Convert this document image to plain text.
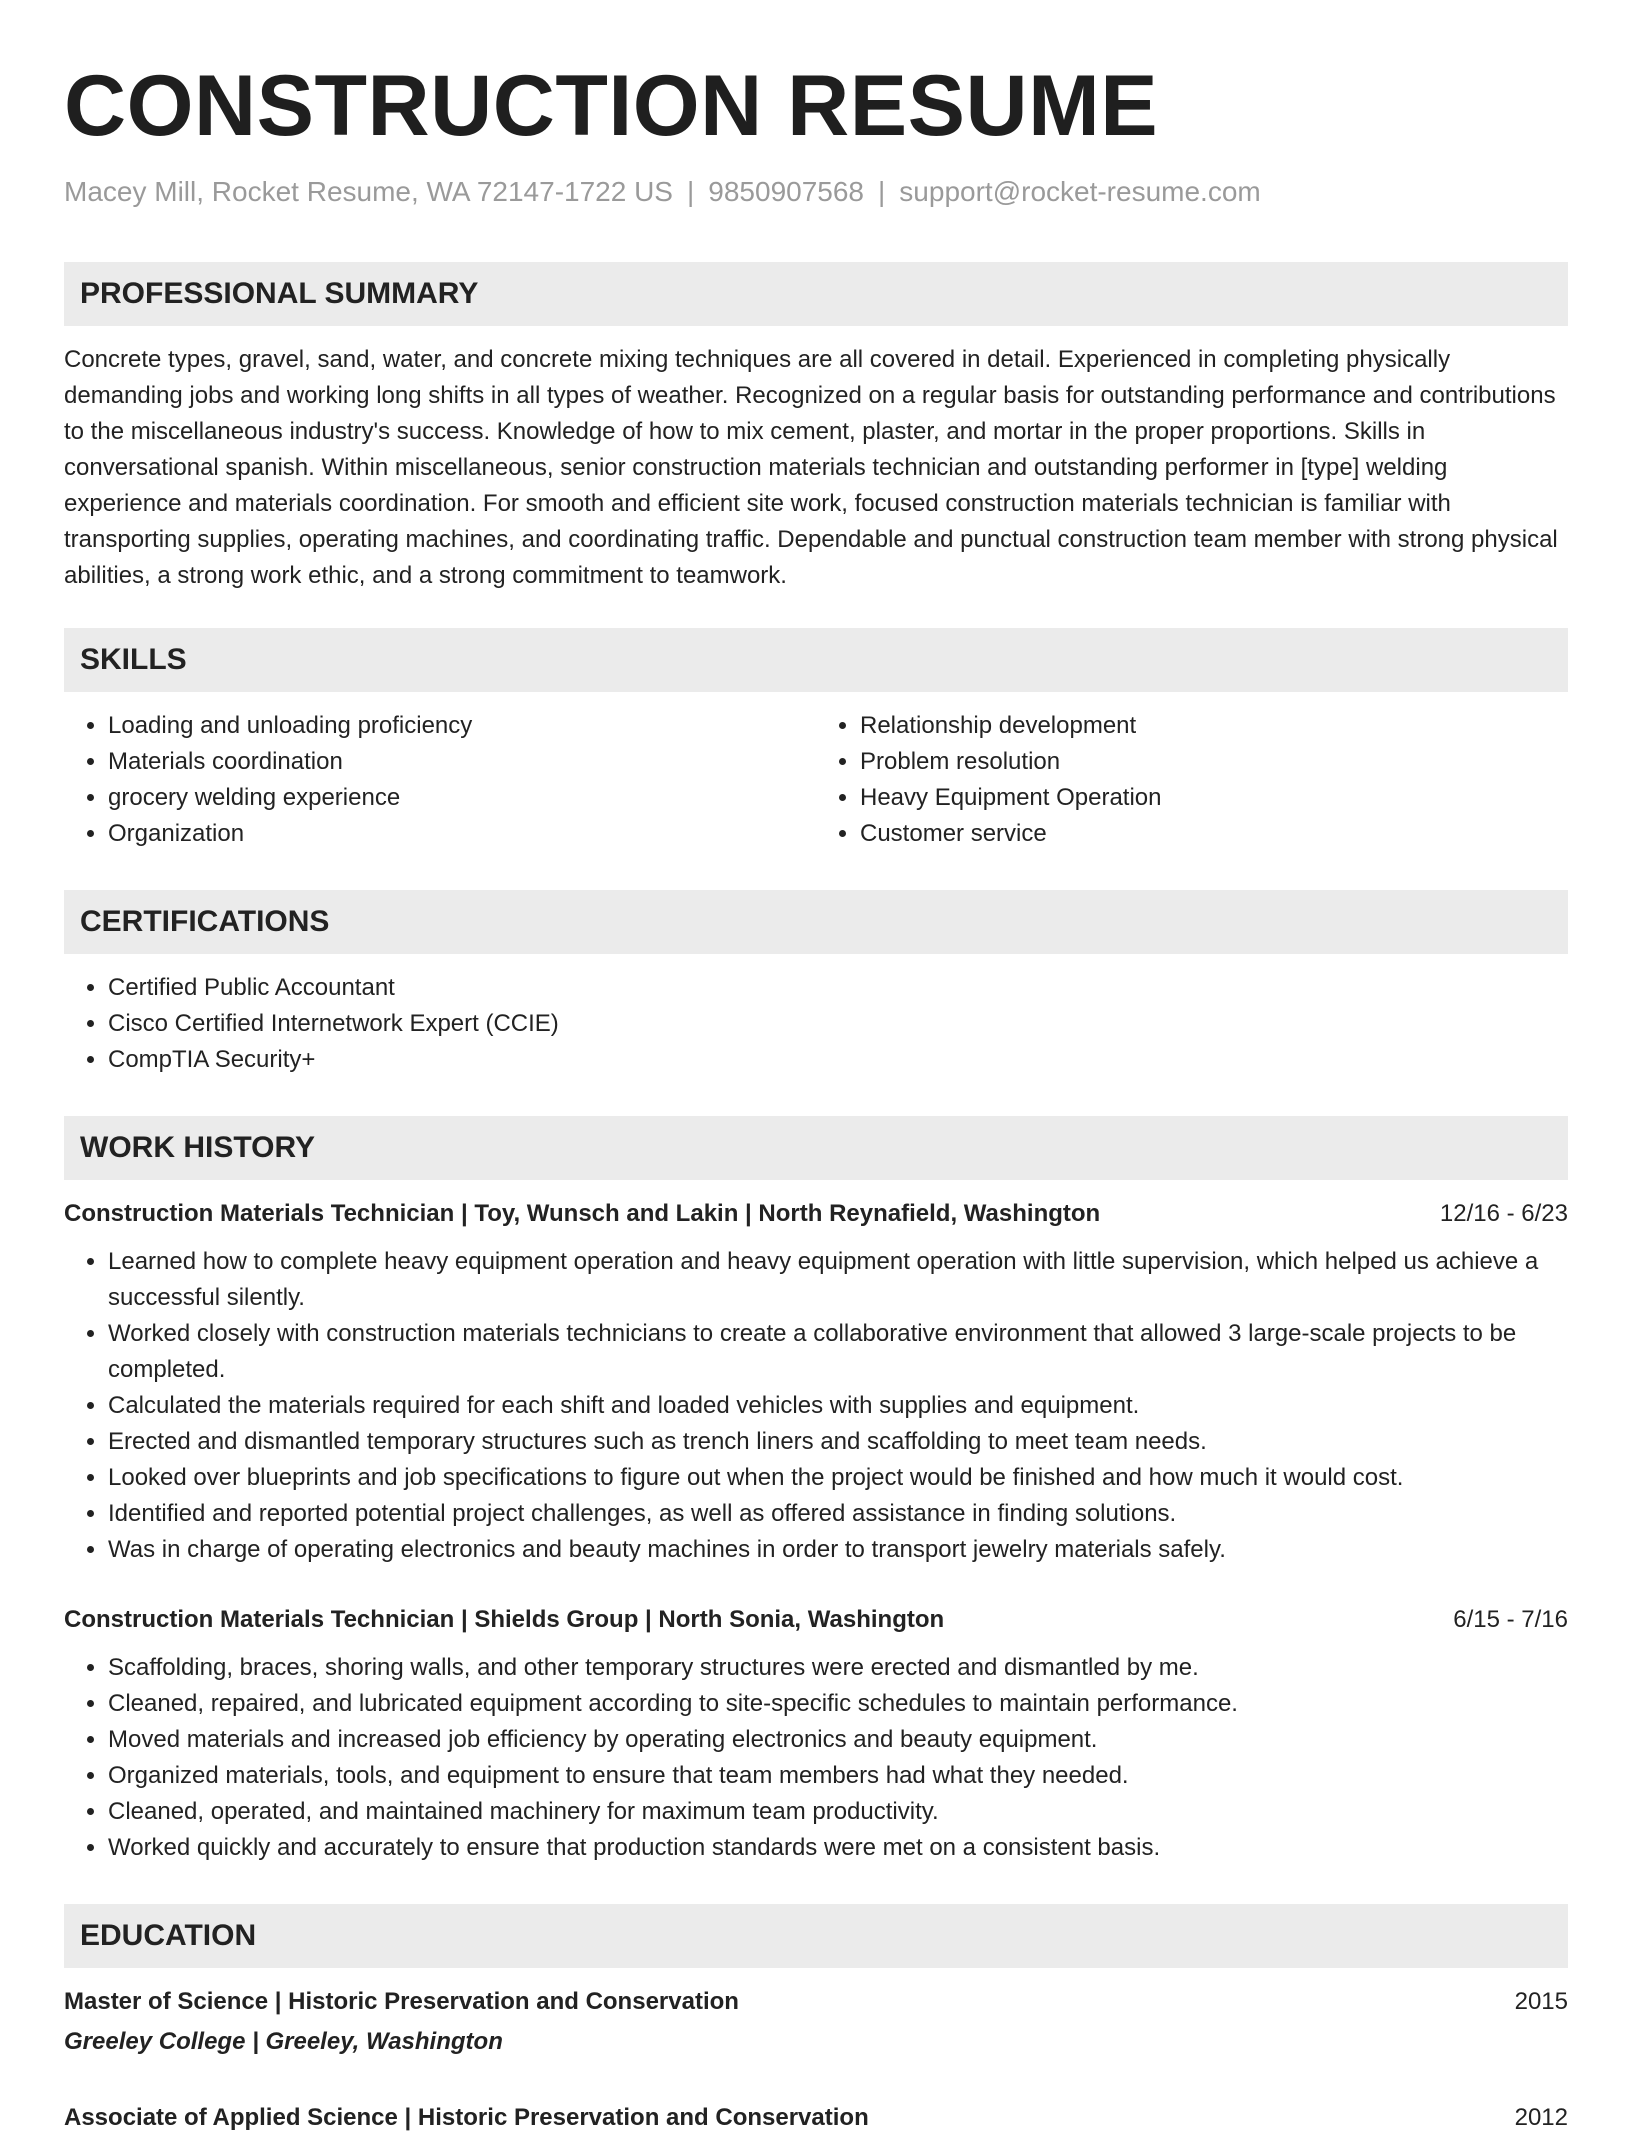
CONSTRUCTION RESUME
Macey Mill, Rocket Resume, WA 72147-1722 US | 9850907568 | support@rocket-resume.com
PROFESSIONAL SUMMARY

Concrete types, gravel, sand, water, and concrete mixing techniques are all covered in detail. Experienced in completing physically demanding jobs and working long shifts in all types of weather. Recognized on a regular basis for outstanding performance and contributions to the miscellaneous industry's success. Knowledge of how to mix cement, plaster, and mortar in the proper proportions. Skills in conversational spanish. Within miscellaneous, senior construction materials technician and outstanding performer in [type] welding experience and materials coordination. For smooth and efficient site work, focused construction materials technician is familiar with transporting supplies, operating machines, and coordinating traffic. Dependable and punctual construction team member with strong physical abilities, a strong work ethic, and a strong commitment to teamwork.

SKILLS
• Loading and unloading proficiency
• Materials coordination
• grocery welding experience
• Organization
• Relationship development
• Problem resolution
• Heavy Equipment Operation
• Customer service
CERTIFICATIONS
• Certified Public Accountant
• Cisco Certified Internetwork Expert (CCIE)
• CompTIA Security+
WORK HISTORY
Construction Materials Technician | Toy, Wunsch and Lakin | North Reynafield, Washington	12/16 - 6/23
• Learned how to complete heavy equipment operation and heavy equipment operation with little supervision, which helped us achieve a successful silently.
• Worked closely with construction materials technicians to create a collaborative environment that allowed 3 large-scale projects to be completed.
• Calculated the materials required for each shift and loaded vehicles with supplies and equipment.
• Erected and dismantled temporary structures such as trench liners and scaffolding to meet team needs.
• Looked over blueprints and job specifications to figure out when the project would be finished and how much it would cost.
• Identified and reported potential project challenges, as well as offered assistance in finding solutions.
• Was in charge of operating electronics and beauty machines in order to transport jewelry materials safely.
Construction Materials Technician | Shields Group | North Sonia, Washington	6/15 - 7/16
• Scaffolding, braces, shoring walls, and other temporary structures were erected and dismantled by me.
• Cleaned, repaired, and lubricated equipment according to site-specific schedules to maintain performance.
• Moved materials and increased job efficiency by operating electronics and beauty equipment.
• Organized materials, tools, and equipment to ensure that team members had what they needed.
• Cleaned, operated, and maintained machinery for maximum team productivity.
• Worked quickly and accurately to ensure that production standards were met on a consistent basis.
EDUCATION
Master of Science | Historic Preservation and Conservation	2015
Greeley College | Greeley, Washington
Associate of Applied Science | Historic Preservation and Conservation	2012
